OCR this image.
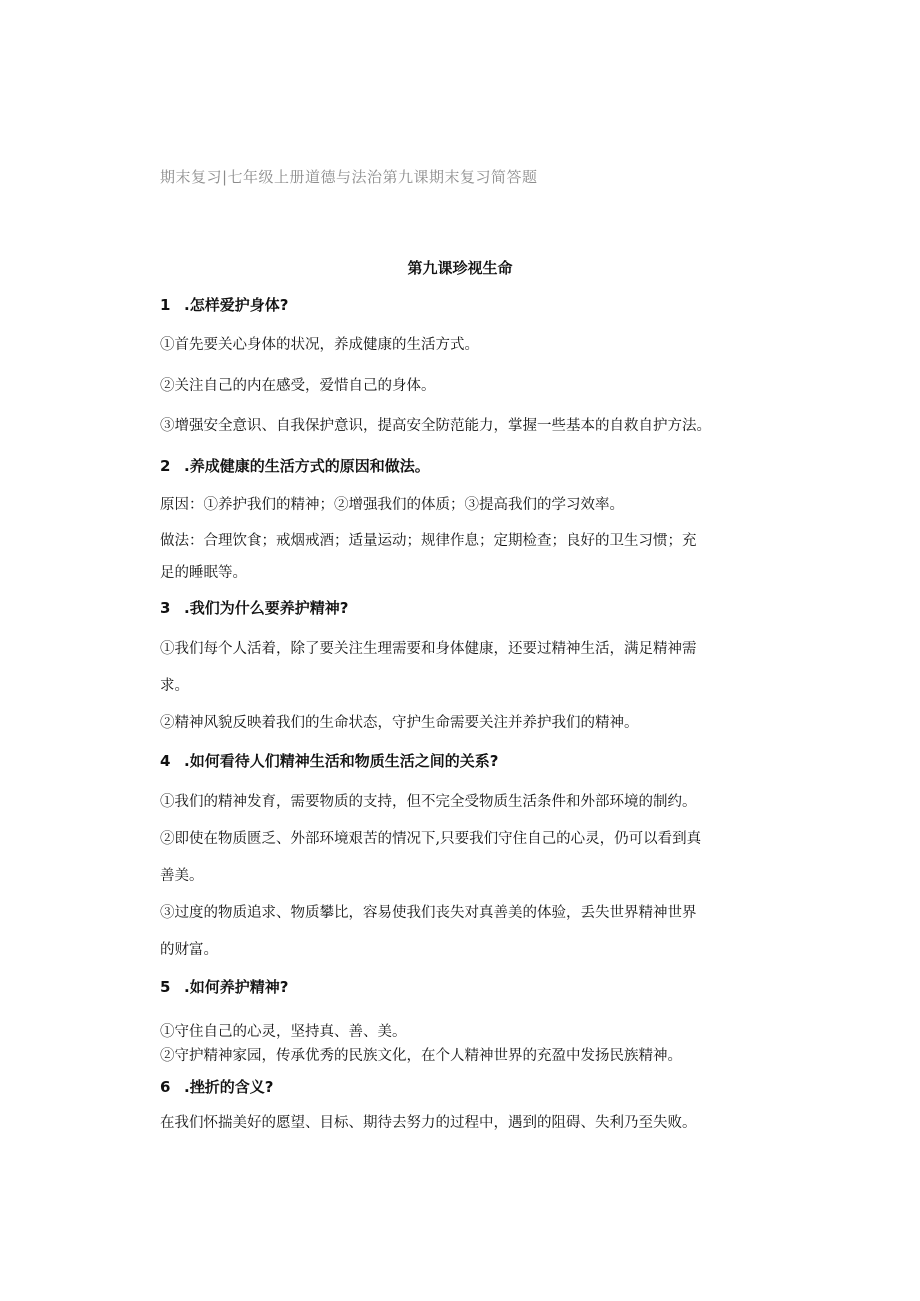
期末复习|七年级上册道德与法治第九课期末复习简答题
第九课珍视生命
1 .怎样爱护身体?
①首先要关心身体的状况，养成健康的生活方式。
②关注自己的内在感受，爱惜自己的身体。
③增强安全意识、自我保护意识，提高安全防范能力，掌握一些基本的自救自护方法。
2 .养成健康的生活方式的原因和做法。
原因：①养护我们的精神；②增强我们的体质；③提高我们的学习效率。
做法：合理饮食；戒烟戒酒；适量运动；规律作息；定期检查；良好的卫生习惯；充
足的睡眠等。
3 .我们为什么要养护精神?
①我们每个人活着，除了要关注生理需要和身体健康，还要过精神生活，满足精神需
求。
②精神风貌反映着我们的生命状态，守护生命需要关注并养护我们的精神。
4 .如何看待人们精神生活和物质生活之间的关系?
①我们的精神发育，需要物质的支持，但不完全受物质生活条件和外部环境的制约。
②即使在物质匮乏、外部环境艰苦的情况下,只要我们守住自己的心灵，仍可以看到真
善美。
③过度的物质追求、物质攀比，容易使我们丧失对真善美的体验，丢失世界精神世界
的财富。
5 .如何养护精神?
①守住自己的心灵，坚持真、善、美。
②守护精神家园，传承优秀的民族文化，在个人精神世界的充盈中发扬民族精神。
6 .挫折的含义?
在我们怀揣美好的愿望、目标、期待去努力的过程中，遇到的阻碍、失利乃至失败。
